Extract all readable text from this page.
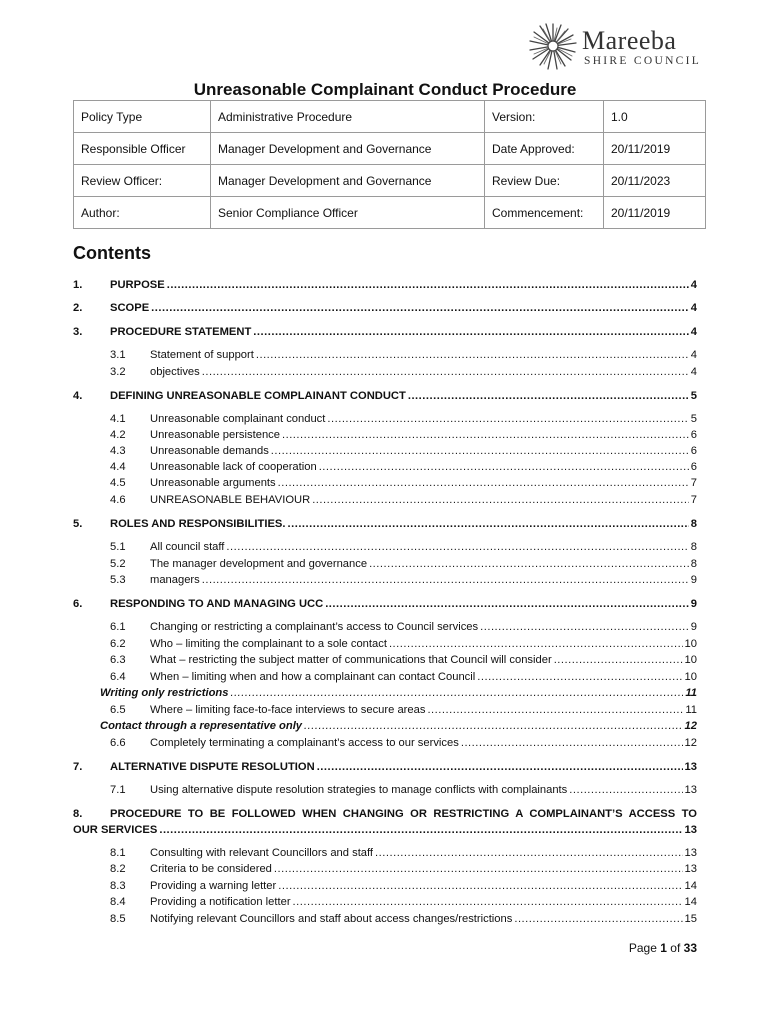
Mareeba
SHIRE COUNCIL
Unreasonable Complainant Conduct Procedure
Policy Type	Administrative Procedure	Version:	1.0
Responsible Officer	Manager Development and Governance	Date Approved:	20/11/2019
Review Officer:	Manager Development and Governance	Review Due:	20/11/2023
Author:	Senior Compliance Officer	Commencement:	20/11/2019
Contents
1.	PURPOSE .....	4
2.	SCOPE .....	4
3.	PROCEDURE STATEMENT .....	4
3.1	Statement of support .....	4
3.2	objectives .....	4
4.	DEFINING UNREASONABLE COMPLAINANT CONDUCT .....	5
4.1	Unreasonable complainant conduct .....	5
4.2	Unreasonable persistence .....	6
4.3	Unreasonable demands .....	6
4.4	Unreasonable lack of cooperation .....	6
4.5	Unreasonable arguments .....	7
4.6	UNREASONABLE BEHAVIOUR .....	7
5.	ROLES AND RESPONSIBILITIES. .....	8
5.1	All council staff .....	8
5.2	The manager development and governance .....	8
5.3	managers .....	9
6.	RESPONDING TO AND MANAGING UCC .....	9
6.1	Changing or restricting a complainant’s access to Council services .....	9
6.2	Who – limiting the complainant to a sole contact .....	10
6.3	What – restricting the subject matter of communications that Council will consider .....	10
6.4	When – limiting when and how a complainant can contact Council .....	10
Writing only restrictions .....	11
6.5	Where – limiting face-to-face interviews to secure areas .....	11
Contact through a representative only .....	12
6.6	Completely terminating a complainant’s access to our services .....	12
7.	ALTERNATIVE DISPUTE RESOLUTION .....	13
7.1	Using alternative dispute resolution strategies to manage conflicts with complainants .....	13
8.	PROCEDURE TO BE FOLLOWED WHEN CHANGING OR RESTRICTING A COMPLAINANT’S ACCESS TO
OUR SERVICES .....	13
8.1	Consulting with relevant Councillors and staff .....	13
8.2	Criteria to be considered .....	13
8.3	Providing a warning letter .....	14
8.4	Providing a notification letter .....	14
8.5	Notifying relevant Councillors and staff about access changes/restrictions .....	15
Page 1 of 33
